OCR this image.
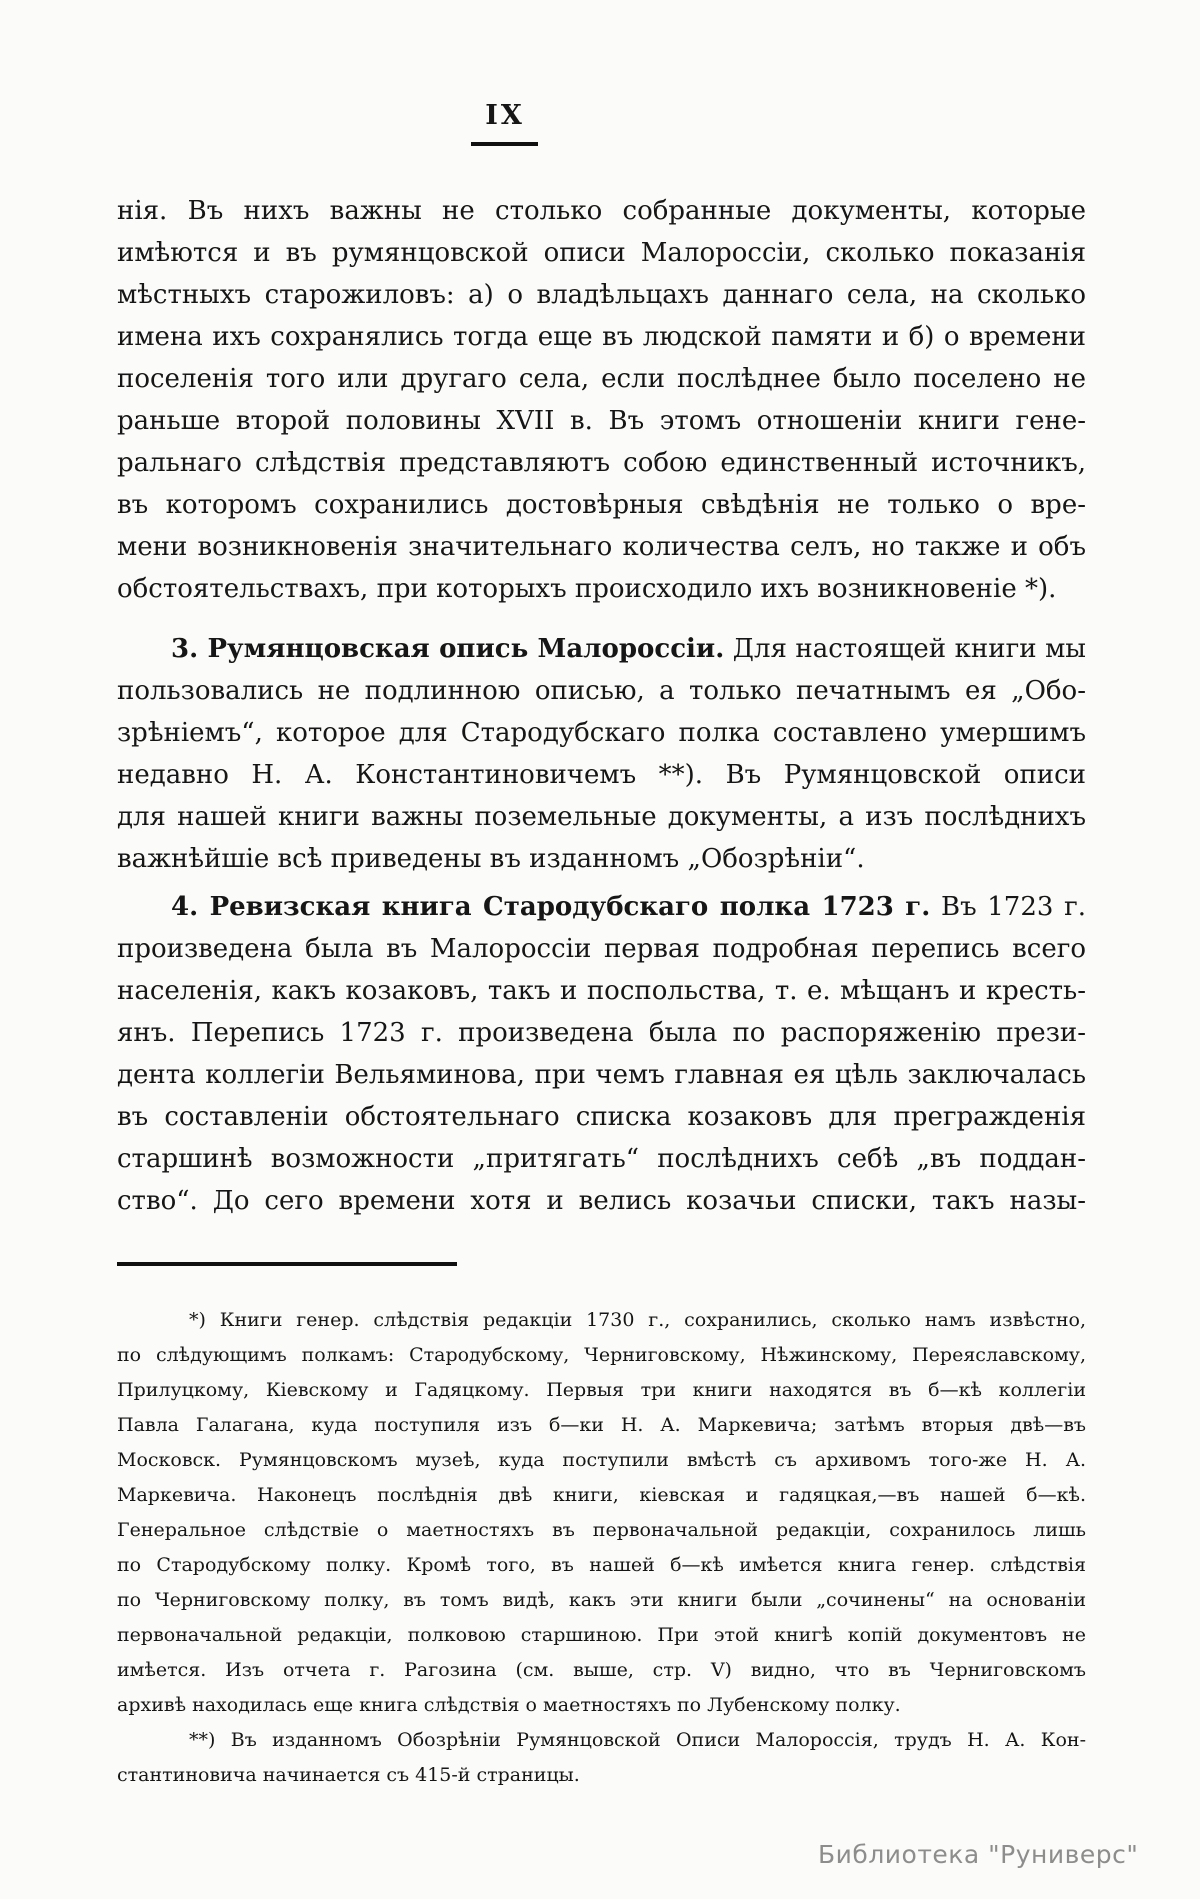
IX
нія. Въ нихъ важны не столько собранные документы, которые
имѣются и въ румянцовской описи Малороссіи, сколько показанія
мѣстныхъ старожиловъ: а) о владѣльцахъ даннаго села, на сколько
имена ихъ сохранялись тогда еще въ людской памяти и б) о времени
поселенія того или другаго села, если послѣднее было поселено не
раньше второй половины XVII в. Въ этомъ отношеніи книги гене-
ральнаго слѣдствія представляютъ собою единственный источникъ,
въ которомъ сохранились достовѣрныя свѣдѣнія не только о вре-
мени возникновенія значительнаго количества селъ, но также и объ
обстоятельствахъ, при которыхъ происходило ихъ возникновеніе *).
3. Румянцовская опись Малороссіи. Для настоящей книги мы
пользовались не подлинною описью, а только печатнымъ ея „Обо-
зрѣніемъ“, которое для Стародубскаго полка составлено умершимъ
недавно Н. А. Константиновичемъ **). Въ Румянцовской описи
для нашей книги важны поземельные документы, а изъ послѣднихъ
важнѣйшіе всѣ приведены въ изданномъ „Обозрѣніи“.
4. Ревизская книга Стародубскаго полка 1723 г. Въ 1723 г.
произведена была въ Малороссіи первая подробная перепись всего
населенія, какъ козаковъ, такъ и поспольства, т. е. мѣщанъ и кресть-
янъ. Перепись 1723 г. произведена была по распоряженію прези-
дента коллегіи Вельяминова, при чемъ главная ея цѣль заключалась
въ составленіи обстоятельнаго списка козаковъ для прегражденія
старшинѣ возможности „притягать“ послѣднихъ себѣ „въ поддан-
ство“. До сего времени хотя и велись козачьи списки, такъ назы-
*) Книги генер. слѣдствія редакціи 1730 г., сохранились, сколько намъ извѣстно,
по слѣдующимъ полкамъ: Стародубскому, Черниговскому, Нѣжинскому, Переяславскому,
Прилуцкому, Кіевскому и Гадяцкому. Первыя три книги находятся въ б—кѣ коллегіи
Павла Галагана, куда поступиля изъ б—ки Н. А. Маркевича; затѣмъ вторыя двѣ—въ
Московск. Румянцовскомъ музеѣ, куда поступили вмѣстѣ съ архивомъ того-же Н. А.
Маркевича. Наконецъ послѣднія двѣ книги, кіевская и гадяцкая,—въ нашей б—кѣ.
Генеральное слѣдствіе о маетностяхъ въ первоначальной редакціи, сохранилось лишь
по Стародубскому полку. Кромѣ того, въ нашей б—кѣ имѣется книга генер. слѣдствія
по Черниговскому полку, въ томъ видѣ, какъ эти книги были „сочинены“ на основаніи
первоначальной редакціи, полковою старшиною. При этой книгѣ копій документовъ не
имѣется. Изъ отчета г. Рагозина (см. выше, стр. V) видно, что въ Черниговскомъ
архивѣ находилась еще книга слѣдствія о маетностяхъ по Лубенскому полку.
**) Въ изданномъ Обозрѣніи Румянцовской Описи Малороссія, трудъ Н. А. Кон-
стантиновича начинается съ 415-й страницы.
Библиотека "Руниверс"
